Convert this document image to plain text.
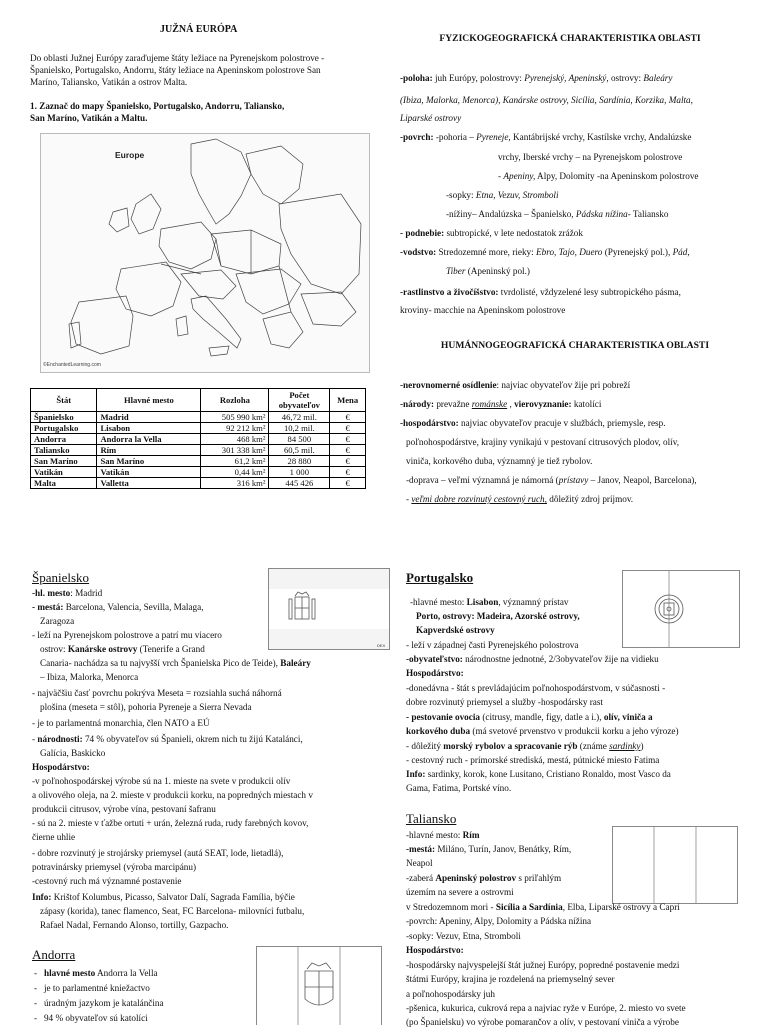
JUŽNÁ EURÓPA
Do oblasti Južnej Európy zaraďujeme štáty ležiace na Pyrenejskom polostrove -
Španielsko, Portugalsko, Andorru, štáty ležiace na Apeninskom polostrove San
Maríno, Taliansko, Vatikán a ostrov Malta.
1. Zaznač do mapy Španielsko, Portugalsko, Andorru, Taliansko,
San Maríno, Vatikán a Maltu.
Europe
©EnchantedLearning.com
Štát	Hlavné mesto	Rozloha	Počet obyvateľov	Mena
Španielsko	Madrid	505 990 km²	46,72 mil.	€
Portugalsko	Lisabon	92 212 km²	10,2 mil.	€
Andorra	Andorra la Vella	468 km²	84 500	€
Taliansko	Rím	301 338 km²	60,5 mil.	€
San Maríno	San Maríno	61,2 km²	28 880	€
Vatikán	Vatikán	0,44 km²	1 000	€
Malta	Valletta	316 km²	445 426	€
FYZICKOGEOGRAFICKÁ CHARAKTERISTIKA OBLASTI
-poloha: juh Európy, polostrovy: Pyrenejský, Apeninský, ostrovy: Baleáry
(Ibiza, Malorka, Menorca), Kanárske ostrovy, Sicília, Sardínia, Korzika, Malta,
Liparské ostrovy
-povrch: -pohoria – Pyreneje, Kantábrijské vrchy, Kastílske vrchy, Andalúzske
vrchy, Iberské vrchy – na Pyrenejskom polostrove
- Apeniny, Alpy, Dolomity -na Apeninskom polostrove
-sopky: Etna, Vezuv, Stromboli
-nížiny– Andalúzska – Španielsko, Pádska nížina- Taliansko
- podnebie: subtropické, v lete nedostatok zrážok
-vodstvo: Stredozemné more, rieky: Ebro, Tajo, Duero (Pyrenejský pol.), Pád,
Tiber (Apeninský pol.)
-rastlinstvo a živočíšstvo: tvrdolisté, vždyzelené lesy subtropického pásma,
kroviny- macchie na Apeninskom polostrove
HUMÁNNOGEOGRAFICKÁ CHARAKTERISTIKA OBLASTI
-nerovnomerné osídlenie: najviac obyvateľov žije pri pobreží
-národy: prevažne románske , vierovyznanie: katolíci
-hospodárstvo: najviac obyvateľov pracuje v službách, priemysle, resp.
poľnohospodárstve, krajiny vynikajú v pestovaní citrusových plodov, olív,
viniča, korkového duba, významný je tiež rybolov.
-doprava – veľmi významná je námorná (prístavy – Janov, Neapol, Barcelona),
- veľmi dobre rozvinutý cestovný ruch, dôležitý zdroj príjmov.
Španielsko
DEX
-hl. mesto: Madrid
- mestá: Barcelona, Valencia, Sevilla, Malaga,
Zaragoza
- leží na Pyrenejskom polostrove a patrí mu viacero
ostrov: Kanárske ostrovy (Tenerife a Grand
Canaria- nachádza sa tu najvyšší vrch Španielska Pico de Teide), Baleáry
– Ibiza, Malorka, Menorca
- najväčšiu časť povrchu pokrýva Meseta = rozsiahla suchá náhorná
plošina (meseta = stôl), pohoria Pyreneje a Sierra Nevada
- je to parlamentná monarchia, člen NATO a EÚ
- národnosti: 74 % obyvateľov sú Španieli, okrem nich tu žijú Katalánci,
Galícia, Baskicko
Hospodárstvo:
-v poľnohospodárskej výrobe sú na 1. mieste na svete v produkcii olív
a olivového oleja, na 2. mieste v produkcii korku, na popredných miestach v
produkcii citrusov, výrobe vína, pestovaní šafranu
- sú na 2. mieste v ťažbe ortuti + urán, železná ruda, rudy farebných kovov,
čierne uhlie
- dobre rozvinutý je strojársky priemysel (autá SEAT, lode, lietadlá),
potravinársky priemysel (výroba marcipánu)
-cestovný ruch má významné postavenie
Info: Krištof Kolumbus, Picasso, Salvator Dalí, Sagrada Família, býčie
zápasy (korida), tanec flamenco, Seat, FC Barcelona- milovníci futbalu,
Rafael Nadal, Fernando Alonso, tortilly, Gazpacho.
Andorra
-   hlavné mesto Andorra la Vella
-   je to parlamentné kniežactvo
-   úradným jazykom je katalánčina
-   94 % obyvateľov sú katolíci
Portugalsko
-hlavné mesto: Lisabon, významný prístav
Porto, ostrovy: Madeira, Azorské ostrovy,
Kapverdské ostrovy
- leží v západnej časti Pyrenejského polostrova
-obyvateľstvo: národnostne jednotné, 2/3obyvateľov žije na vidieku
Hospodárstvo:
-donedávna - štát s prevládajúcim poľnohospodárstvom, v súčasnosti -
dobre rozvinutý priemysel a služby -hospodársky rast
- pestovanie ovocia (citrusy, mandle, figy, datle a i.), olív, viniča a
korkového duba (má svetové prvenstvo v produkcii korku a jeho výroze)
- dôležitý morský rybolov a spracovanie rýb (známe sardinky)
- cestovný ruch - prímorské strediská, mestá, pútnické miesto Fatima
Info: sardinky, korok, kone Lusitano, Cristiano Ronaldo, most Vasco da
Gama, Fatima, Portské víno.
Taliansko
-hlavné mesto: Rím
-mestá: Miláno, Turín, Janov, Benátky, Rím,
Neapol
-zaberá Apeninský polostrov s priľahlým
územím na severe a ostrovmi
v Stredozemnom mori - Sicília a Sardínia, Elba, Liparské ostrovy a Capri
-povrch: Apeniny, Alpy, Dolomity a Pádska nížina
-sopky: Vezuv, Etna, Stromboli
Hospodárstvo:
-hospodársky najvyspelejší štát južnej Európy, popredné postavenie medzi
štátmi Európy, krajina je rozdelená na priemyselný sever
a poľnohospodársky juh
-pšenica, kukurica, cukrová repa a najviac ryže v Európe, 2. miesto vo svete
(po Španielsku) vo výrobe pomarančov a olív, v pestovaní viniča a výrobe
